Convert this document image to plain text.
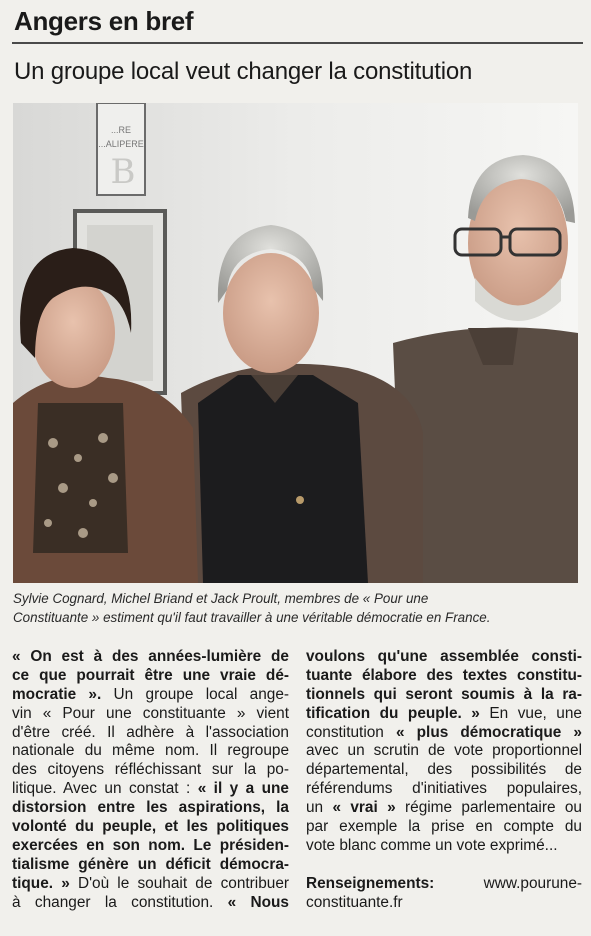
Angers en bref
Un groupe local veut changer la constitution
...RE
...ALIPERE
B

Sylvie Cognard, Michel Briand et Jack Proult, membres de « Pour une
Constituante » estiment qu'il faut travailler à une véritable démocratie en France.

« On est à des années-lumière de
ce que pourrait être une vraie dé-
mocratie ». Un groupe local ange-
vin « Pour une constituante » vient
d'être créé. Il adhère à l'association
nationale du même nom. Il regroupe
des citoyens réfléchissant sur la po-
litique. Avec un constat : « il y a une
distorsion entre les aspirations, la
volonté du peuple, et les politiques
exercées en son nom. Le présiden-
tialisme génère un déficit démocra-
tique. » D'où le souhait de contribuer
à changer la constitution. « Nous
voulons qu'une assemblée consti-
tuante élabore des textes constitu-
tionnels qui seront soumis à la ra-
tification du peuple. » En vue, une
constitution « plus démocratique »
avec un scrutin de vote proportionnel
départemental, des possibilités de
référendums d'initiatives populaires,
un « vrai » régime parlementaire ou
par exemple la prise en compte du
vote blanc comme un vote exprimé...
Renseignements: www.pourune-
constituante.fr
